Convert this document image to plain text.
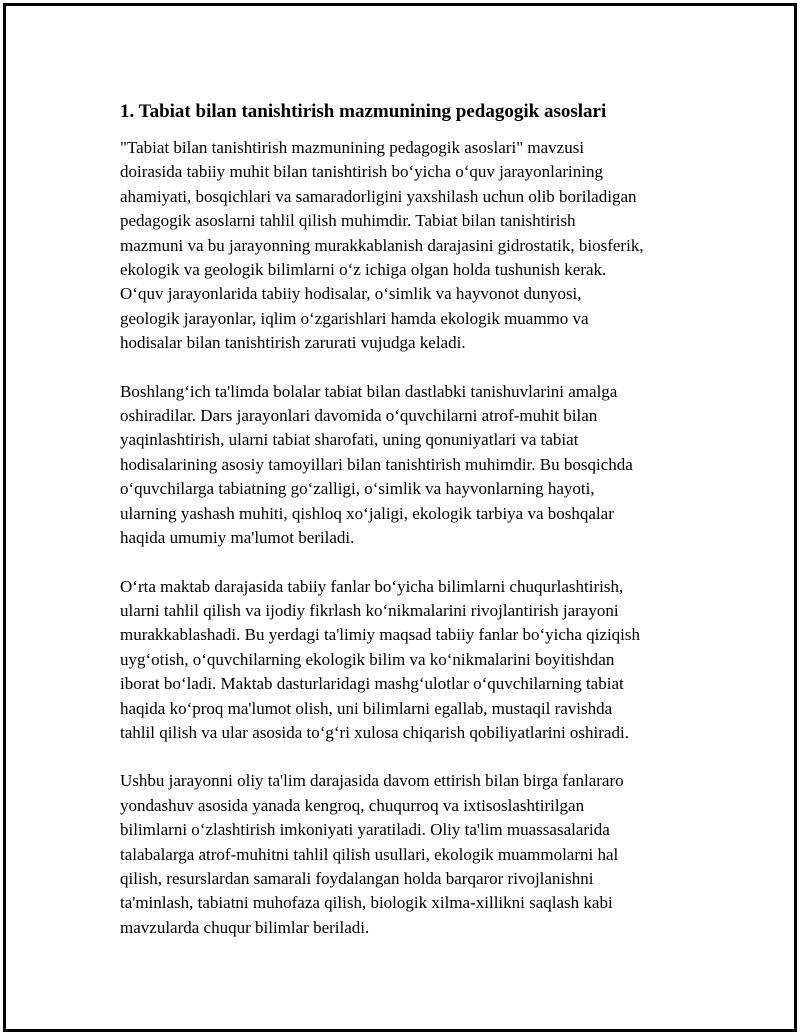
1. Tabiat bilan tanishtirish mazmunining pedagogik asoslari
"Tabiat bilan tanishtirish mazmunining pedagogik asoslari" mavzusi
doirasida tabiiy muhit bilan tanishtirish bo‘yicha o‘quv jarayonlarining
ahamiyati, bosqichlari va samaradorligini yaxshilash uchun olib boriladigan
pedagogik asoslarni tahlil qilish muhimdir. Tabiat bilan tanishtirish
mazmuni va bu jarayonning murakkablanish darajasini gidrostatik, biosferik,
ekologik va geologik bilimlarni o‘z ichiga olgan holda tushunish kerak.
O‘quv jarayonlarida tabiiy hodisalar, o‘simlik va hayvonot dunyosi,
geologik jarayonlar, iqlim o‘zgarishlari hamda ekologik muammo va
hodisalar bilan tanishtirish zarurati vujudga keladi.
Boshlang‘ich ta'limda bolalar tabiat bilan dastlabki tanishuvlarini amalga
oshiradilar. Dars jarayonlari davomida o‘quvchilarni atrof-muhit bilan
yaqinlashtirish, ularni tabiat sharofati, uning qonuniyatlari va tabiat
hodisalarining asosiy tamoyillari bilan tanishtirish muhimdir. Bu bosqichda
o‘quvchilarga tabiatning go‘zalligi, o‘simlik va hayvonlarning hayoti,
ularning yashash muhiti, qishloq xo‘jaligi, ekologik tarbiya va boshqalar
haqida umumiy ma'lumot beriladi.
O‘rta maktab darajasida tabiiy fanlar bo‘yicha bilimlarni chuqurlashtirish,
ularni tahlil qilish va ijodiy fikrlash ko‘nikmalarini rivojlantirish jarayoni
murakkablashadi. Bu yerdagi ta'limiy maqsad tabiiy fanlar bo‘yicha qiziqish
uyg‘otish, o‘quvchilarning ekologik bilim va ko‘nikmalarini boyitishdan
iborat bo‘ladi. Maktab dasturlaridagi mashg‘ulotlar o‘quvchilarning tabiat
haqida ko‘proq ma'lumot olish, uni bilimlarni egallab, mustaqil ravishda
tahlil qilish va ular asosida to‘g‘ri xulosa chiqarish qobiliyatlarini oshiradi.
Ushbu jarayonni oliy ta'lim darajasida davom ettirish bilan birga fanlararo
yondashuv asosida yanada kengroq, chuqurroq va ixtisoslashtirilgan
bilimlarni o‘zlashtirish imkoniyati yaratiladi. Oliy ta'lim muassasalarida
talabalarga atrof-muhitni tahlil qilish usullari, ekologik muammolarni hal
qilish, resurslardan samarali foydalangan holda barqaror rivojlanishni
ta'minlash, tabiatni muhofaza qilish, biologik xilma-xillikni saqlash kabi
mavzularda chuqur bilimlar beriladi.
